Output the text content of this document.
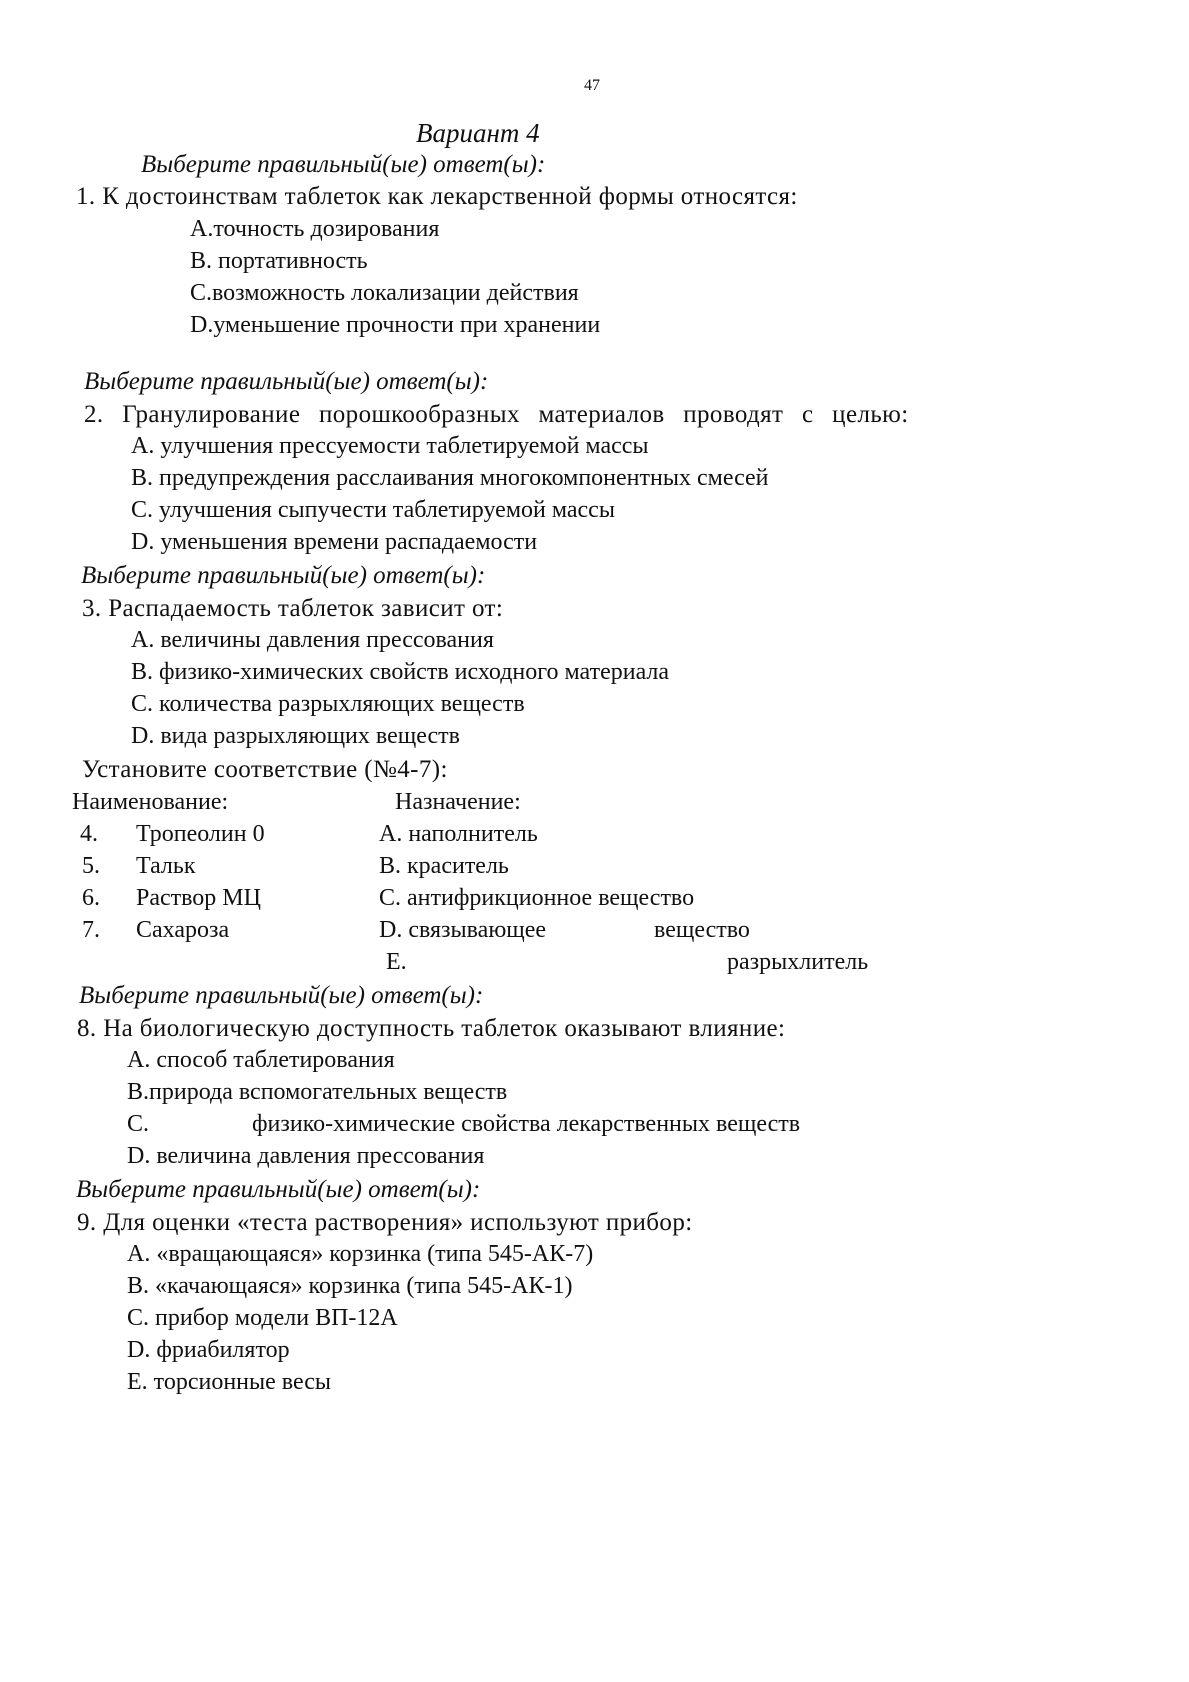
47
Вариант 4
Выберите правильный(ые) ответ(ы):
1. К достоинствам таблеток как лекарственной формы относятся:
A.точность дозирования
B. портативность
C.возможность локализации действия
D.уменьшение прочности при хранении
Выберите правильный(ые) ответ(ы):
2. Гранулирование порошкообразных материалов проводят с целью:
A. улучшения прессуемости таблетируемой массы
B. предупреждения расслаивания многокомпонентных смесей
C. улучшения сыпучести таблетируемой массы
D. уменьшения времени распадаемости
Выберите правильный(ые) ответ(ы):
3. Распадаемость таблеток зависит от:
A. величины давления прессования
B. физико-химических свойств исходного материала
C. количества разрыхляющих веществ
D. вида разрыхляющих веществ
Установите соответствие (№4-7):
Наименование:	Назначение:
4. Тропеолин 0	A. наполнитель
5. Тальк	B. краситель
6. Раствор МЦ	C. антифрикционное вещество
7. Сахароза	D. связывающее	вещество
E.	разрыхлитель
Выберите правильный(ые) ответ(ы):
8. На биологическую доступность таблеток оказывают влияние:
A. способ таблетирования
B.природа вспомогательных веществ
C.	физико-химические свойства лекарственных веществ
D. величина давления прессования
Выберите правильный(ые) ответ(ы):
9. Для оценки «теста растворения» используют прибор:
A. «вращающаяся» корзинка (типа 545-АК-7)
B. «качающаяся» корзинка (типа 545-АК-1)
C. прибор модели ВП-12А
D. фриабилятор
E. торсионные весы
